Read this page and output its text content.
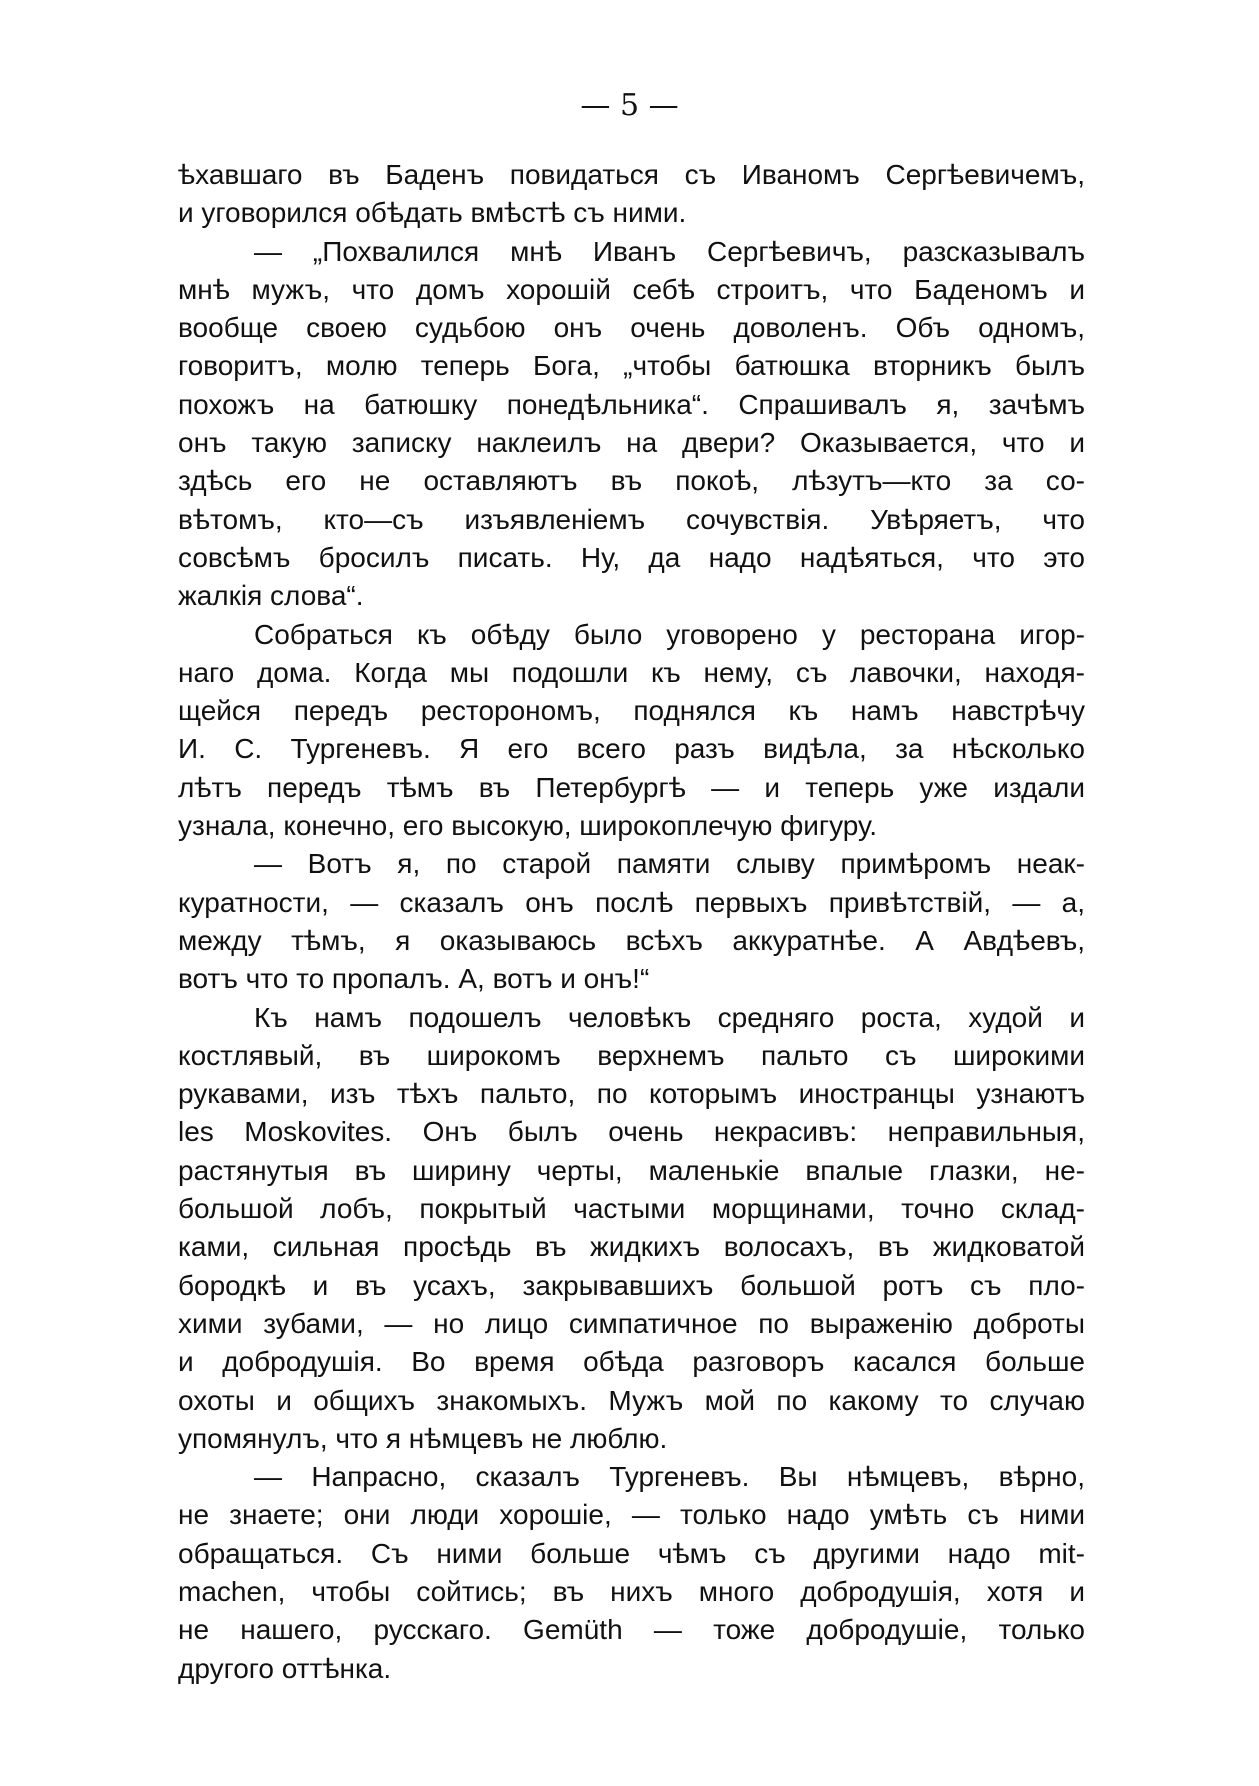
— 5 —
ѣхавшаго въ Баденъ повидаться съ Иваномъ Сергѣевичемъ,
и уговорился обѣдать вмѣстѣ съ ними.
— „Похвалился мнѣ Иванъ Сергѣевичъ, разсказывалъ
мнѣ мужъ, что домъ хорошій себѣ строитъ, что Баденомъ и
вообще своею судьбою онъ очень доволенъ. Объ одномъ,
говоритъ, молю теперь Бога, „чтобы батюшка вторникъ былъ
похожъ на батюшку понедѣльника“. Спрашивалъ я, зачѣмъ
онъ такую записку наклеилъ на двери? Оказывается, что и
здѣсь его не оставляютъ въ покоѣ, лѣзутъ—кто за со-
вѣтомъ, кто—съ изъявленіемъ сочувствія. Увѣряетъ, что
совсѣмъ бросилъ писать. Ну, да надо надѣяться, что это
жалкія слова“.
Собраться къ обѣду было уговорено у ресторана игор-
наго дома. Когда мы подошли къ нему, съ лавочки, находя-
щейся передъ ресторономъ, поднялся къ намъ навстрѣчу
И. С. Тургеневъ. Я его всего разъ видѣла, за нѣсколько
лѣтъ передъ тѣмъ въ Петербургѣ — и теперь уже издали
узнала, конечно, его высокую, широкоплечую фигуру.
— Вотъ я, по старой памяти слыву примѣромъ неак-
куратности, — сказалъ онъ послѣ первыхъ привѣтствій, — а,
между тѣмъ, я оказываюсь всѣхъ аккуратнѣе. А Авдѣевъ,
вотъ что то пропалъ. А, вотъ и онъ!“
Къ намъ подошелъ человѣкъ средняго роста, худой и
костлявый, въ широкомъ верхнемъ пальто съ широкими
рукавами, изъ тѣхъ пальто, по которымъ иностранцы узнаютъ
les Moskovites. Онъ былъ очень некрасивъ: неправильныя,
растянутыя въ ширину черты, маленькіе впалые глазки, не-
большой лобъ, покрытый частыми морщинами, точно склад-
ками, сильная просѣдь въ жидкихъ волосахъ, въ жидковатой
бородкѣ и въ усахъ, закрывавшихъ большой ротъ съ пло-
хими зубами, — но лицо симпатичное по выраженію доброты
и добродушія. Во время обѣда разговоръ касался больше
охоты и общихъ знакомыхъ. Мужъ мой по какому то случаю
упомянулъ, что я нѣмцевъ не люблю.
— Напрасно, сказалъ Тургеневъ. Вы нѣмцевъ, вѣрно,
не знаете; они люди хорошіе, — только надо умѣть съ ними
обращаться. Съ ними больше чѣмъ съ другими надо mit-
machen, чтобы сойтись; въ нихъ много добродушія, хотя и
не нашего, русскаго. Gemüth — тоже добродушіе, только
другого оттѣнка.
